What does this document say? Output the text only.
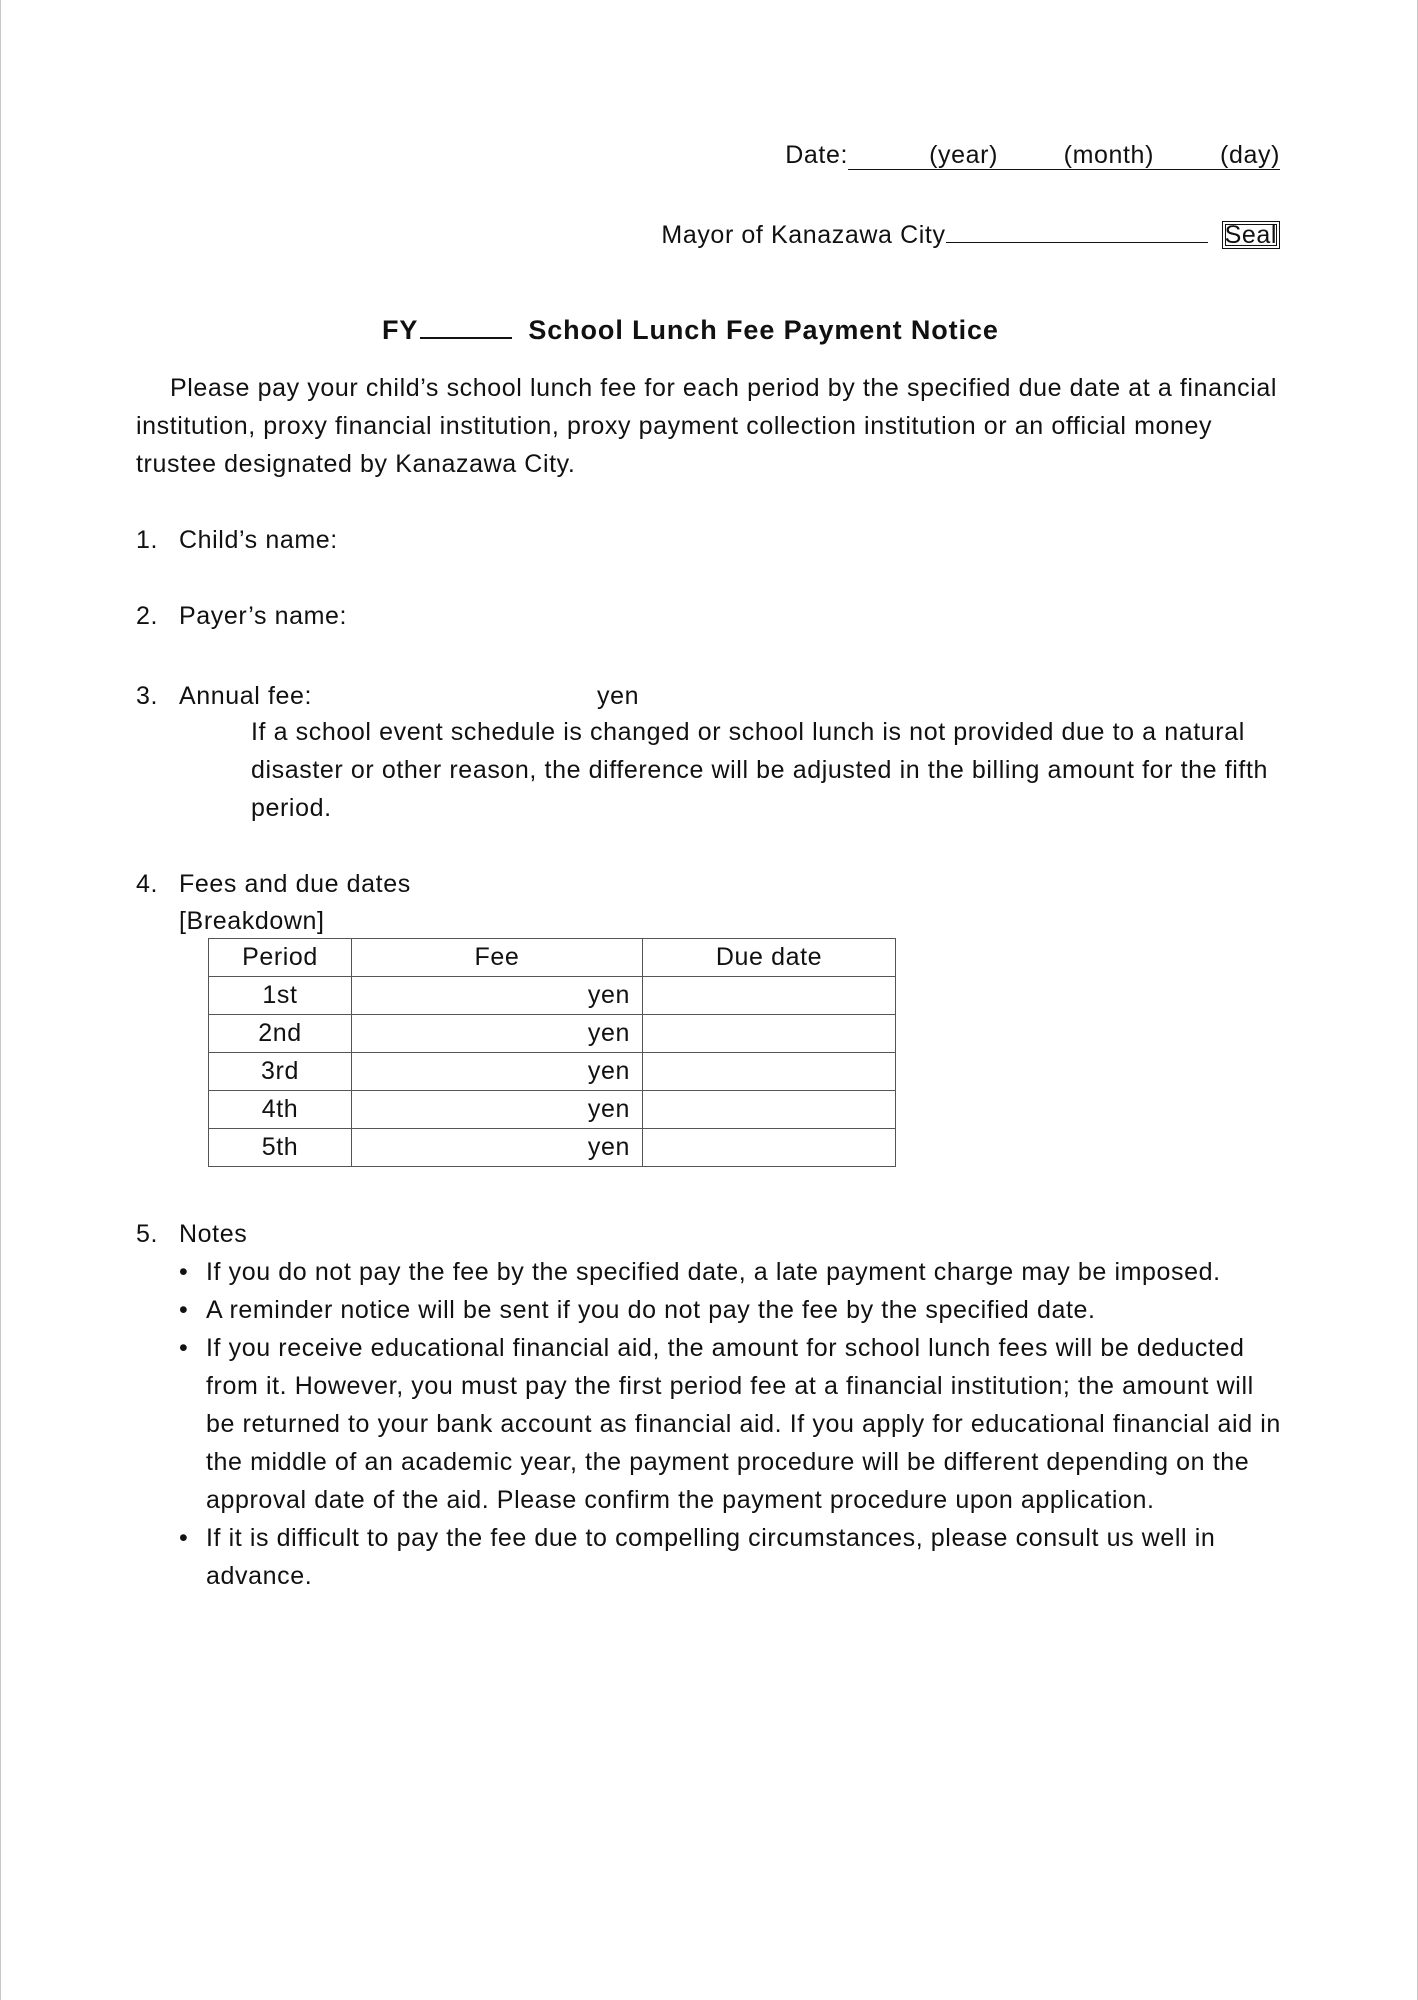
Date:	(year)	(month)	(day)
Mayor of Kanazawa City	Seal
FY	School Lunch Fee Payment Notice
Please pay your child’s school lunch fee for each period by the specified due date at a financial institution, proxy financial institution, proxy payment collection institution or an official money trustee designated by Kanazawa City.
1. Child’s name:
2. Payer’s name:
3. Annual fee:	yen
If a school event schedule is changed or school lunch is not provided due to a natural disaster or other reason, the difference will be adjusted in the billing amount for the fifth period.
4. Fees and due dates
[Breakdown]
Period	Fee	Due date
1st	yen	
2nd	yen	
3rd	yen	
4th	yen	
5th	yen	
5. Notes
• If you do not pay the fee by the specified date, a late payment charge may be imposed.
• A reminder notice will be sent if you do not pay the fee by the specified date.
• If you receive educational financial aid, the amount for school lunch fees will be deducted from it. However, you must pay the first period fee at a financial institution; the amount will be returned to your bank account as financial aid. If you apply for educational financial aid in the middle of an academic year, the payment procedure will be different depending on the approval date of the aid. Please confirm the payment procedure upon application.
• If it is difficult to pay the fee due to compelling circumstances, please consult us well in advance.
